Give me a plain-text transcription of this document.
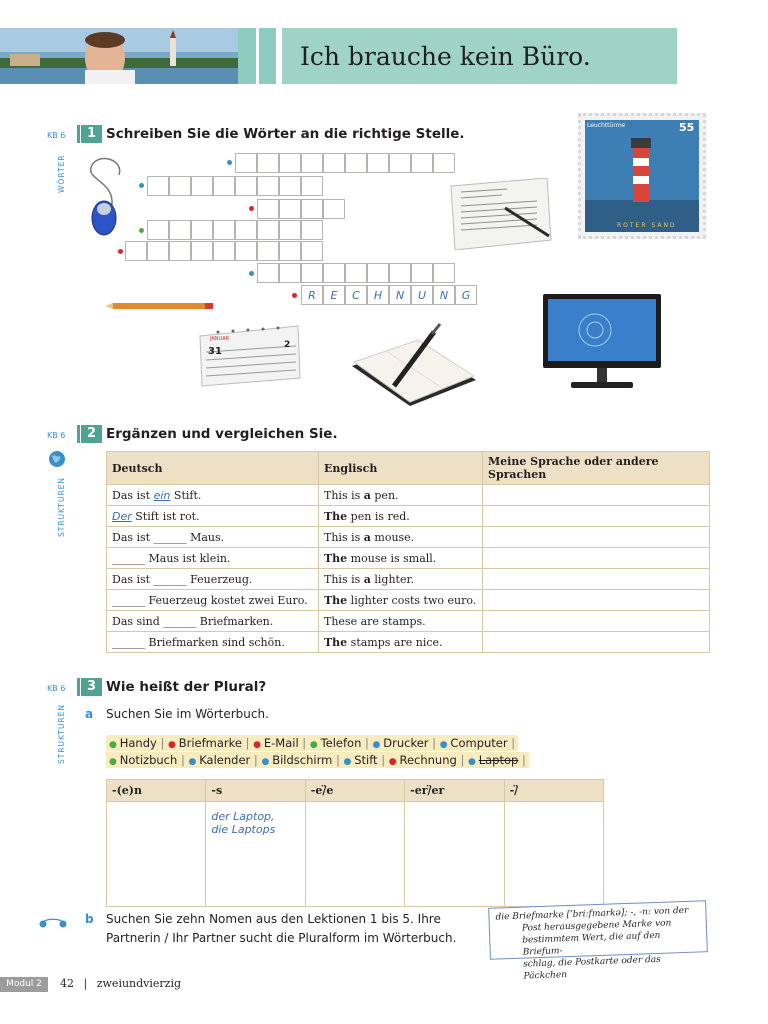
Ich brauche kein Büro.
KB 6	1 Schreiben Sie die Wörter an die richtige Stelle.
WÖRTER
R	E	C	H	N	U	N	G
Leuchttürme	55
ROTER SAND
JANUAR
31
2
KB 6	2 Ergänzen und vergleichen Sie.
STRUKTUREN
Deutsch	Englisch	Meine Sprache oder andere Sprachen
Das ist ein Stift.	This is a pen.	
Der Stift ist rot.	The pen is red.	
Das ist ______ Maus.	This is a mouse.	
______ Maus ist klein.	The mouse is small.	
Das ist ______ Feuerzeug.	This is a lighter.	
______ Feuerzeug kostet zwei Euro.	The lighter costs two euro.	
Das sind ______ Briefmarken.	These are stamps.	
______ Briefmarken sind schön.	The stamps are nice.	
KB 6	3 Wie heißt der Plural?
STRUKTUREN a Suchen Sie im Wörterbuch.
● Handy | ● Briefmarke | ● E-Mail | ● Telefon | ● Drucker | ● Computer |
● Notizbuch | ● Kalender | ● Bildschirm | ● Stift | ● Rechnung | ● Laptop |
-(e)n	-s	-e/̈e	-er/̈er	-/̈

	der Laptop,
die Laptops			

b Suchen Sie zehn Nomen aus den Lektionen 1 bis 5. Ihre
Partnerin / Ihr Partner sucht die Pluralform im Wörterbuch.
die Briefmarke [ˈbriːfmarkə]; -, -n: von der
Post herausgegebene Marke von
bestimmtem Wert, die auf den Briefum-
schlag, die Postkarte oder das Päckchen
Modul 2	42 | zweiundvierzig
